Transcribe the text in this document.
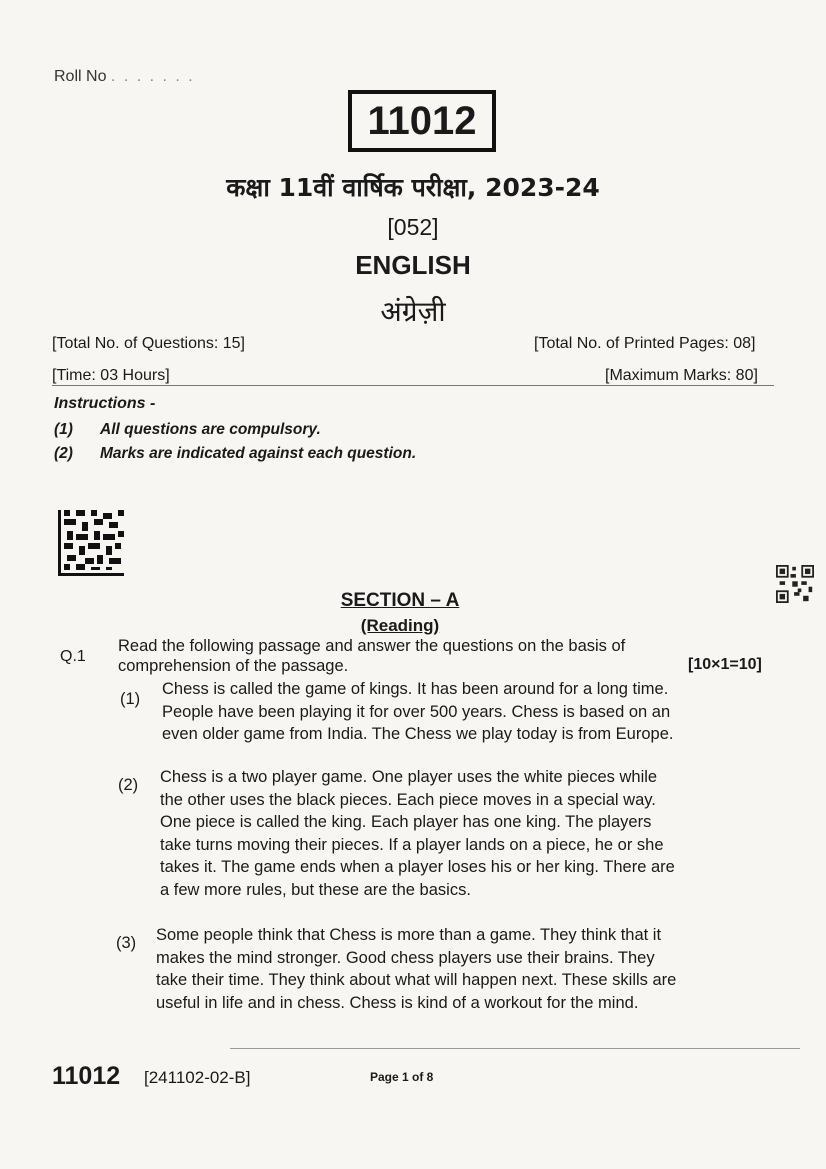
Roll No . . . . . . .
11012
कक्षा 11वीं वार्षिक परीक्षा, 2023-24
[052]
ENGLISH
अंग्रेज़ी
[Total No. of Questions: 15]	[Total No. of Printed Pages: 08]
[Time: 03 Hours]	[Maximum Marks: 80]
Instructions -
(1) All questions are compulsory.
(2) Marks are indicated against each question.
SECTION – A
(Reading)
Q.1
Read the following passage and answer the questions on the basis of comprehension of the passage.	[10×1=10]
(1)
Chess is called the game of kings. It has been around for a long time. People have been playing it for over 500 years. Chess is based on an even older game from India. The Chess we play today is from Europe.
(2) Chess is a two player game. One player uses the white pieces while the other uses the black pieces. Each piece moves in a special way. One piece is called the king. Each player has one king. The players take turns moving their pieces. If a player lands on a piece, he or she takes it. The game ends when a player loses his or her king. There are a few more rules, but these are the basics.
(3) Some people think that Chess is more than a game. They think that it makes the mind stronger. Good chess players use their brains. They take their time. They think about what will happen next. These skills are useful in life and in chess. Chess is kind of a workout for the mind.
11012 [241102-02-B]	Page 1 of 8
